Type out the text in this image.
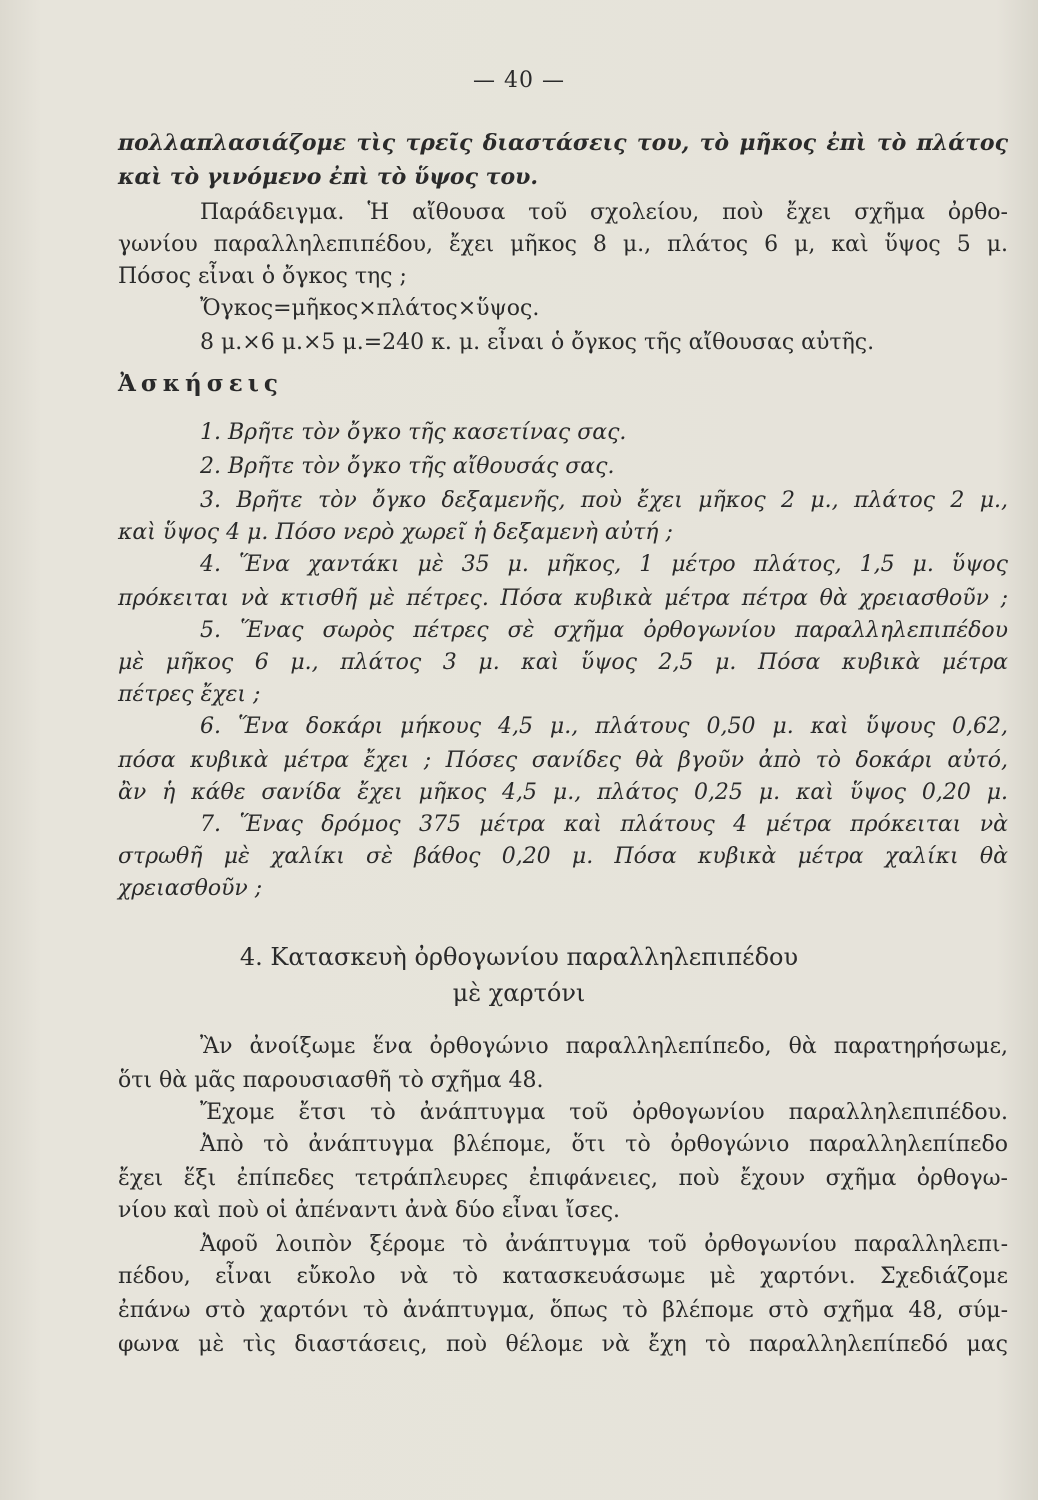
— 40 —
πολλαπλασιάζομε τὶς τρεῖς διαστάσεις του, τὸ μῆκος ἐπὶ τὸ πλάτος
καὶ τὸ γινόμενο ἐπὶ τὸ ὕψος του.
Παράδειγμα. Ἡ αἴθουσα τοῦ σχολείου, ποὺ ἔχει σχῆμα ὀρθο-
γωνίου παραλληλεπιπέδου, ἔχει μῆκος 8 μ., πλάτος 6 μ, καὶ ὕψος 5 μ.
Πόσος εἶναι ὁ ὄγκος της ;
Ὄγκος=μῆκος×πλάτος×ὕψος.
8 μ.×6 μ.×5 μ.=240 κ. μ. εἶναι ὁ ὄγκος τῆς αἴθουσας αὐτῆς.
Ἀσκήσεις
1. Βρῆτε τὸν ὄγκο τῆς κασετίνας σας.
2. Βρῆτε τὸν ὄγκο τῆς αἴθουσάς σας.
3. Βρῆτε τὸν ὄγκο δεξαμενῆς, ποὺ ἔχει μῆκος 2 μ., πλάτος 2 μ.,
καὶ ὕψος 4 μ. Πόσο νερὸ χωρεῖ ἡ δεξαμενὴ αὐτή ;
4. Ἕνα χαντάκι μὲ 35 μ. μῆκος, 1 μέτρο πλάτος, 1,5 μ. ὕψος
πρόκειται νὰ κτισθῆ μὲ πέτρες. Πόσα κυβικὰ μέτρα πέτρα θὰ χρειασθοῦν ;
5. Ἕνας σωρὸς πέτρες σὲ σχῆμα ὀρθογωνίου παραλληλεπιπέδου
μὲ μῆκος 6 μ., πλάτος 3 μ. καὶ ὕψος 2,5 μ. Πόσα κυβικὰ μέτρα
πέτρες ἔχει ;
6. Ἕνα δοκάρι μήκους 4,5 μ., πλάτους 0,50 μ. καὶ ὕψους 0,62,
πόσα κυβικὰ μέτρα ἔχει ; Πόσες σανίδες θὰ βγοῦν ἀπὸ τὸ δοκάρι αὐτό,
ἂν ἡ κάθε σανίδα ἔχει μῆκος 4,5 μ., πλάτος 0,25 μ. καὶ ὕψος 0,20 μ.
7. Ἕνας δρόμος 375 μέτρα καὶ πλάτους 4 μέτρα πρόκειται νὰ
στρωθῆ μὲ χαλίκι σὲ βάθος 0,20 μ. Πόσα κυβικὰ μέτρα χαλίκι θὰ
χρειασθοῦν ;
4. Κατασκευὴ ὀρθογωνίου παραλληλεπιπέδου
μὲ χαρτόνι
Ἂν ἀνοίξωμε ἕνα ὀρθογώνιο παραλληλεπίπεδο, θὰ παρατηρήσωμε,
ὅτι θὰ μᾶς παρουσιασθῆ τὸ σχῆμα 48.
Ἔχομε ἔτσι τὸ ἀνάπτυγμα τοῦ ὀρθογωνίου παραλληλεπιπέδου.
Ἀπὸ τὸ ἀνάπτυγμα βλέπομε, ὅτι τὸ ὀρθογώνιο παραλληλεπίπεδο
ἔχει ἕξι ἐπίπεδες τετράπλευρες ἐπιφάνειες, ποὺ ἔχουν σχῆμα ὀρθογω-
νίου καὶ ποὺ οἱ ἀπέναντι ἀνὰ δύο εἶναι ἴσες.
Ἀφοῦ λοιπὸν ξέρομε τὸ ἀνάπτυγμα τοῦ ὀρθογωνίου παραλληλεπι-
πέδου, εἶναι εὔκολο νὰ τὸ κατασκευάσωμε μὲ χαρτόνι. Σχεδιάζομε
ἐπάνω στὸ χαρτόνι τὸ ἀνάπτυγμα, ὅπως τὸ βλέπομε στὸ σχῆμα 48, σύμ-
φωνα μὲ τὶς διαστάσεις, ποὺ θέλομε νὰ ἔχη τὸ παραλληλεπίπεδό μας
